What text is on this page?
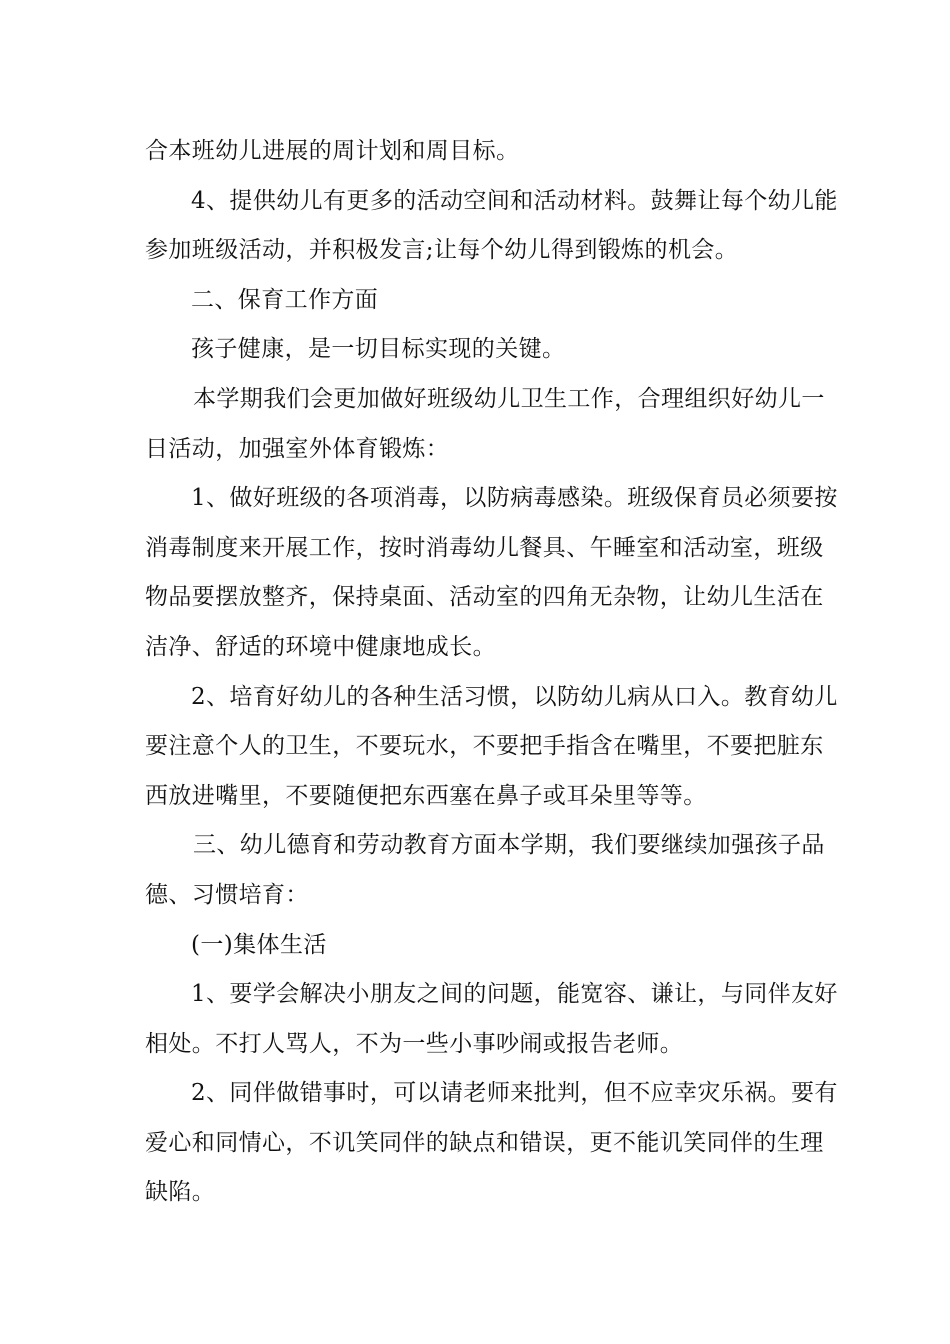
合本班幼儿进展的周计划和周目标。
4、提供幼儿有更多的活动空间和活动材料。鼓舞让每个幼儿能
参加班级活动，并积极发言;让每个幼儿得到锻炼的机会。
二、保育工作方面
孩子健康，是一切目标实现的关键。
本学期我们会更加做好班级幼儿卫生工作，合理组织好幼儿一
日活动，加强室外体育锻炼：
1、做好班级的各项消毒，以防病毒感染。班级保育员必须要按
消毒制度来开展工作，按时消毒幼儿餐具、午睡室和活动室，班级
物品要摆放整齐，保持桌面、活动室的四角无杂物，让幼儿生活在
洁净、舒适的环境中健康地成长。
2、培育好幼儿的各种生活习惯，以防幼儿病从口入。教育幼儿
要注意个人的卫生，不要玩水，不要把手指含在嘴里，不要把脏东
西放进嘴里，不要随便把东西塞在鼻子或耳朵里等等。
三、幼儿德育和劳动教育方面本学期，我们要继续加强孩子品
德、习惯培育：
(一)集体生活
1、要学会解决小朋友之间的问题，能宽容、谦让，与同伴友好
相处。不打人骂人，不为一些小事吵闹或报告老师。
2、同伴做错事时，可以请老师来批判，但不应幸灾乐祸。要有
爱心和同情心，不讥笑同伴的缺点和错误，更不能讥笑同伴的生理
缺陷。
